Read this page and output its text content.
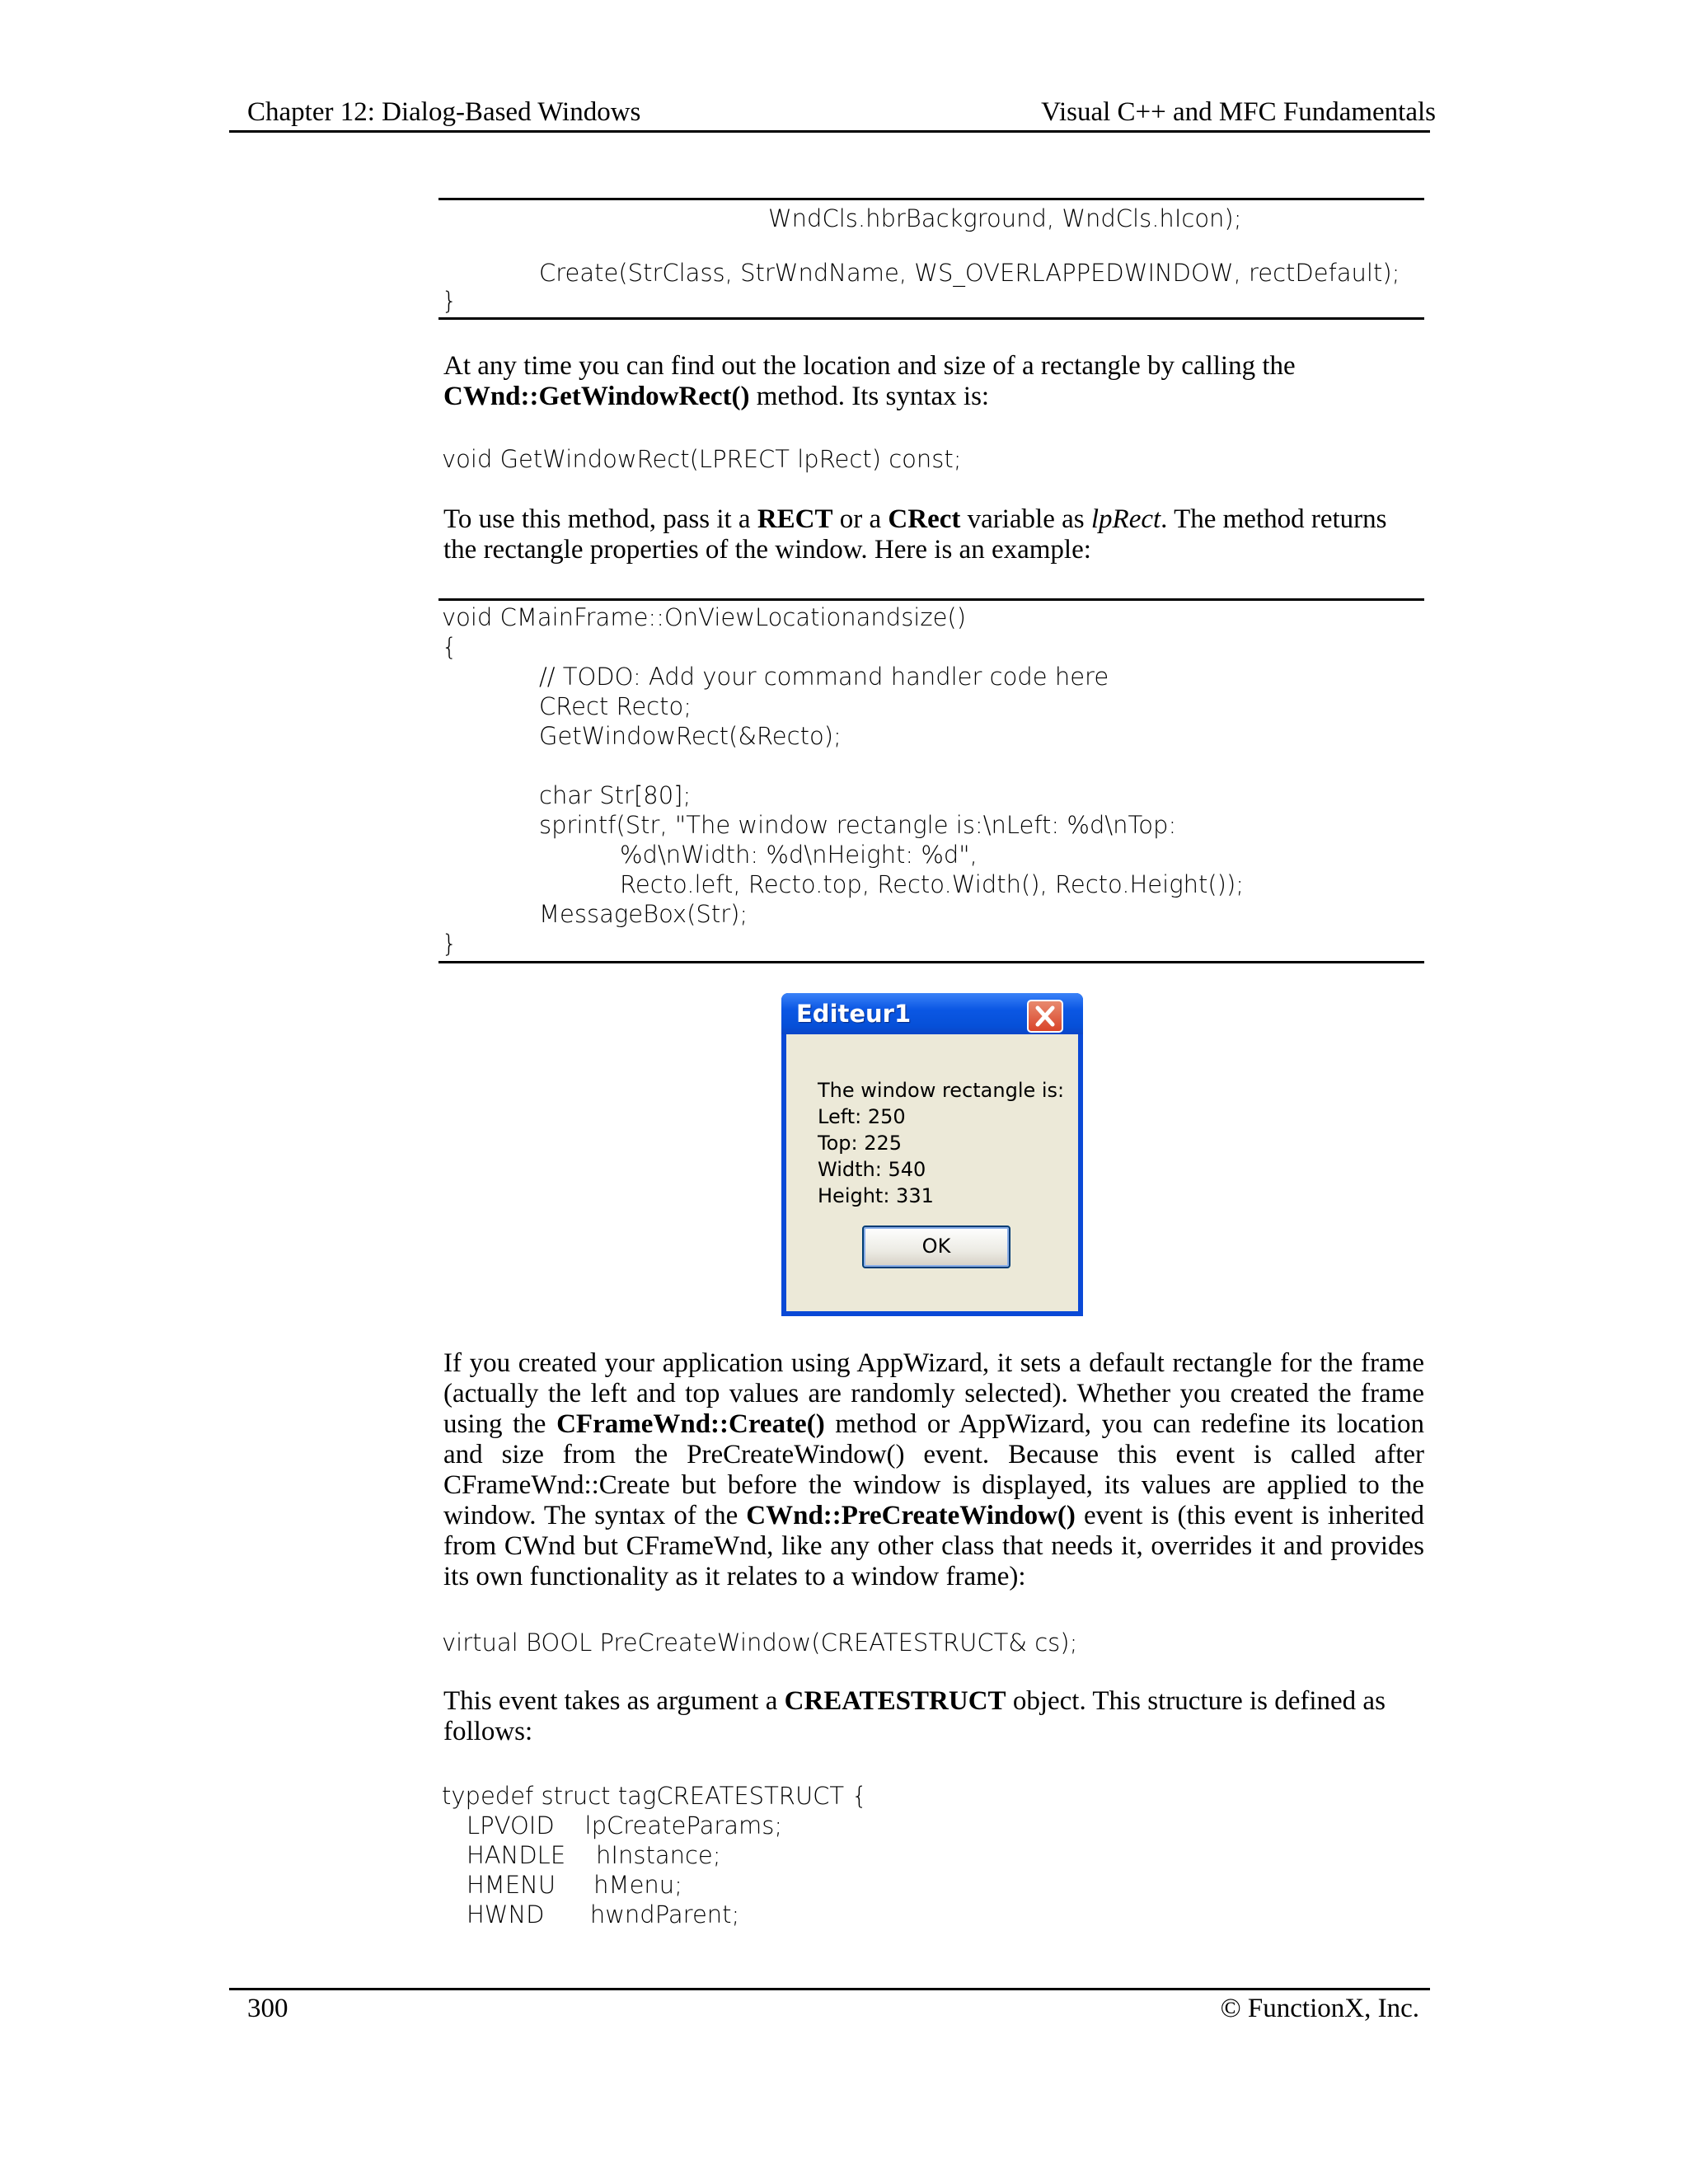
Chapter 12: Dialog-Based Windows	Visual C++ and MFC Fundamentals
WndCls.hbrBackground, WndCls.hIcon);
Create(StrClass, StrWndName, WS_OVERLAPPEDWINDOW, rectDefault);
}
At any time you can find out the location and size of a rectangle by calling the
CWnd::GetWindowRect() method. Its syntax is:
void GetWindowRect(LPRECT lpRect) const;
To use this method, pass it a RECT or a CRect variable as lpRect. The method returns
the rectangle properties of the window. Here is an example:
void CMainFrame::OnViewLocationandsize()
{
// TODO: Add your command handler code here
CRect Recto;
GetWindowRect(&Recto);
char Str[80];
sprintf(Str, "The window rectangle is:\nLeft: %d\nTop:
%d\nWidth: %d\nHeight: %d",
Recto.left, Recto.top, Recto.Width(), Recto.Height());
MessageBox(Str);
}
Editeur1
The window rectangle is:
Left: 250
Top: 225
Width: 540
Height: 331
OK
If you created your application using AppWizard, it sets a default rectangle for the frame (actually the left and top values are randomly selected). Whether you created the frame using the CFrameWnd::Create() method or AppWizard, you can redefine its location and size from the PreCreateWindow() event. Because this event is called after CFrameWnd::Create but before the window is displayed, its values are applied to the window. The syntax of the CWnd::PreCreateWindow() event is (this event is inherited from CWnd but CFrameWnd, like any other class that needs it, overrides it and provides its own functionality as it relates to a window frame):
virtual BOOL PreCreateWindow(CREATESTRUCT& cs);
This event takes as argument a CREATESTRUCT object. This structure is defined as
follows:
typedef struct tagCREATESTRUCT {
LPVOID    lpCreateParams;
HANDLE    hInstance;
HMENU     hMenu;
HWND      hwndParent;
300	© FunctionX, Inc.
